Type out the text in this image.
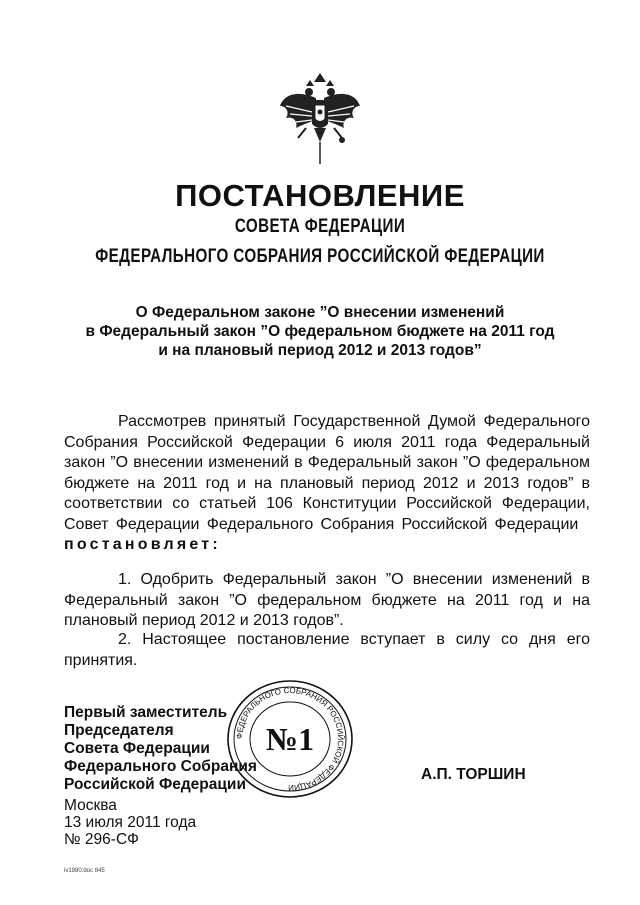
ПОСТАНОВЛЕНИЕ
СОВЕТА ФЕДЕРАЦИИ
ФЕДЕРАЛЬНОГО СОБРАНИЯ РОССИЙСКОЙ ФЕДЕРАЦИИ
О Федеральном законе ”О внесении изменений
в Федеральный закон ”О федеральном бюджете на 2011 год
и на плановый период 2012 и 2013 годов”
Рассмотрев принятый Государственной Думой Федерального Собрания Российской Федерации 6 июля 2011 года Федеральный закон ”О внесении изменений в Федеральный закон ”О федеральном бюджете на 2011 год и на плановый период 2012 и 2013 годов” в соответствии со статьей 106 Конституции Российской Федерации, Совет Федерации Федерального Собрания Российской Федерации   постановляет:
1. Одобрить Федеральный закон ”О внесении изменений в Федеральный закон ”О федеральном бюджете на 2011 год и на плановый период 2012 и 2013 годов”.
2. Настоящее постановление вступает в силу со дня его принятия.
Первый заместитель
Председателя
Совета Федерации
Федерального Собрания
Российской Федерации
ФЕДЕРАЛЬНОГО СОБРАНИЯ РОССИЙСКОЙ ФЕДЕРАЦИИ
№1
А.П. ТОРШИН
Москва
13 июля 2011 года
№ 296-СФ
iv1980.doc 845
